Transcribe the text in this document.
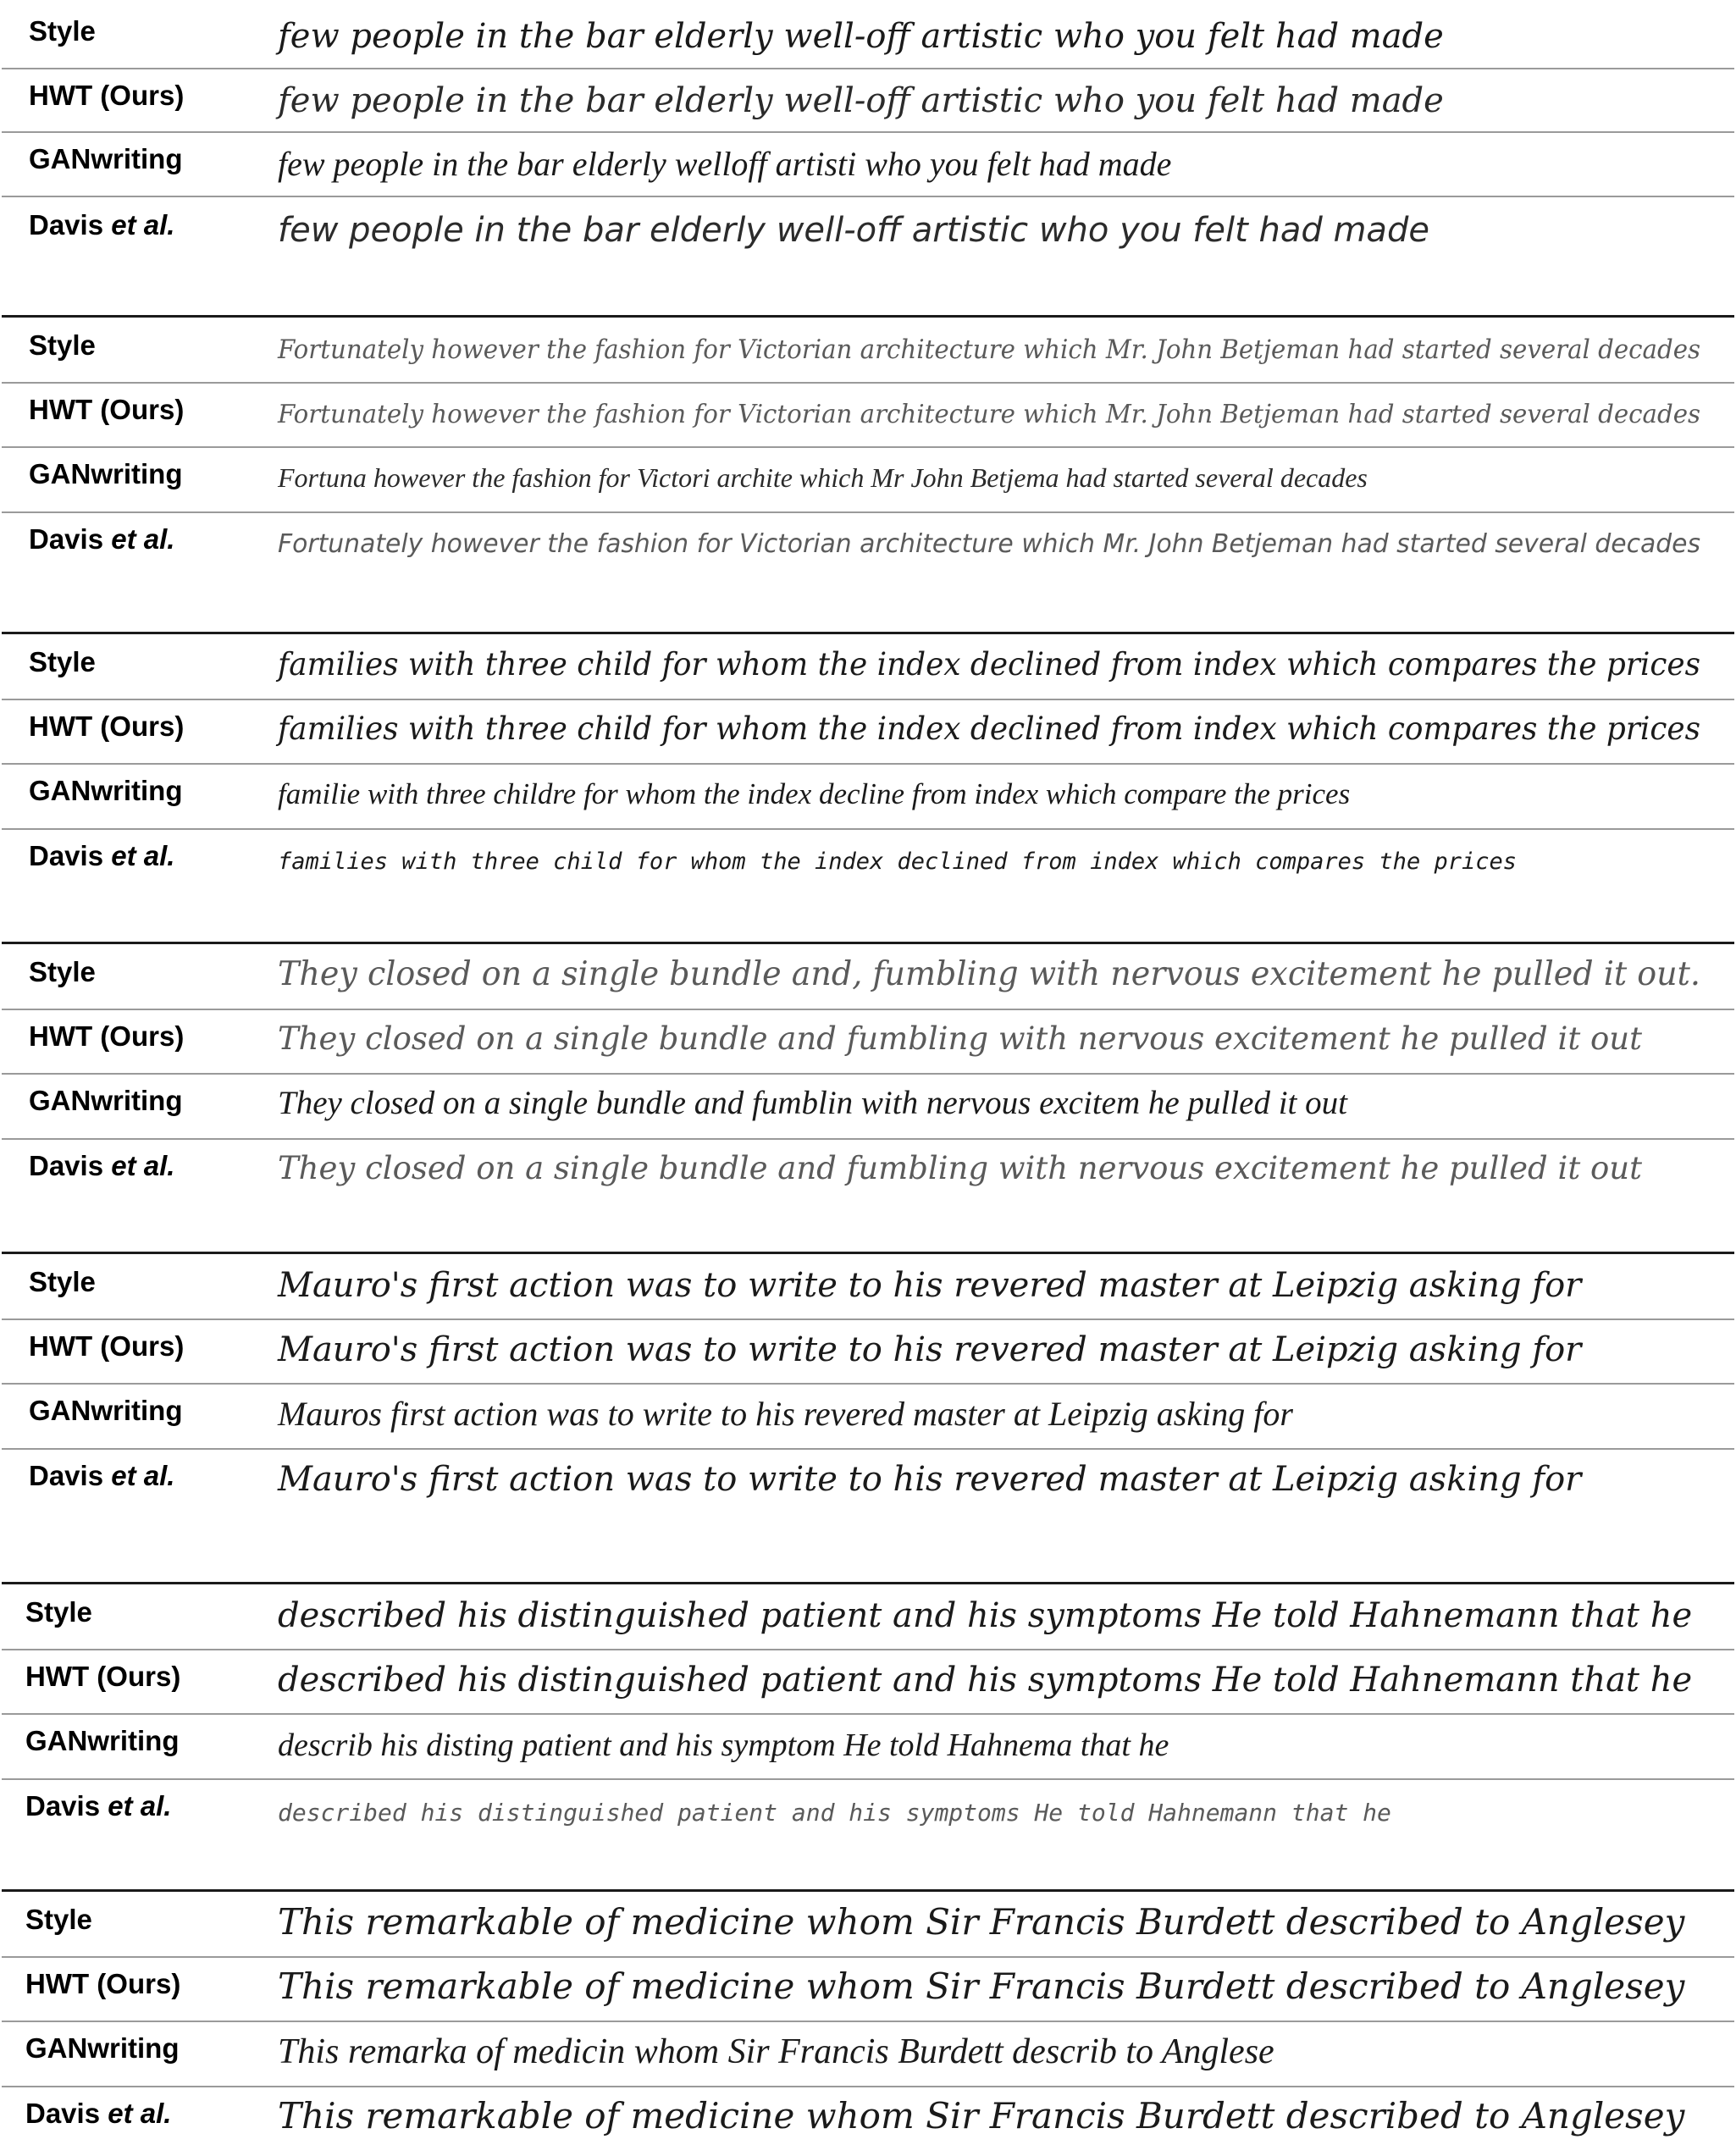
Style	few people in the bar elderly well-off artistic who you felt had made
HWT (Ours)	few people in the bar elderly well-off artistic who you felt had made
GANwriting	few people in the bar elderly welloff artisti who you felt had made
Davis et al.	few people in the bar elderly well-off artistic who you felt had made
Style	Fortunately however the fashion for Victorian architecture which Mr. John Betjeman had started several decades
HWT (Ours)	Fortunately however the fashion for Victorian architecture which Mr. John Betjeman had started several decades
GANwriting	Fortuna however the fashion for Victori archite which Mr John Betjema had started several decades
Davis et al.	Fortunately however the fashion for Victorian architecture which Mr. John Betjeman had started several decades
Style	families with three child for whom the index declined from index which compares the prices
HWT (Ours)	families with three child for whom the index declined from index which compares the prices
GANwriting	familie with three childre for whom the index decline from index which compare the prices
Davis et al.	families with three child for whom the index declined from index which compares the prices
Style	They closed on a single bundle and, fumbling with nervous excitement he pulled it out.
HWT (Ours)	They closed on a single bundle and fumbling with nervous excitement he pulled it out
GANwriting	They closed on a single bundle and fumblin with nervous excitem he pulled it out
Davis et al.	They closed on a single bundle and fumbling with nervous excitement he pulled it out
Style	Mauro's first action was to write to his revered master at Leipzig asking for
HWT (Ours)	Mauro's first action was to write to his revered master at Leipzig asking for
GANwriting	Mauros first action was to write to his revered master at Leipzig asking for
Davis et al.	Mauro's first action was to write to his revered master at Leipzig asking for
Style	described his distinguished patient and his symptoms He told Hahnemann that he
HWT (Ours)	described his distinguished patient and his symptoms He told Hahnemann that he
GANwriting	describ his disting patient and his symptom He told Hahnema that he
Davis et al.	described his distinguished patient and his symptoms He told Hahnemann that he
Style	This remarkable of medicine whom Sir Francis Burdett described to Anglesey
HWT (Ours)	This remarkable of medicine whom Sir Francis Burdett described to Anglesey
GANwriting	This remarka of medicin whom Sir Francis Burdett describ to Anglese
Davis et al.	This remarkable of medicine whom Sir Francis Burdett described to Anglesey
